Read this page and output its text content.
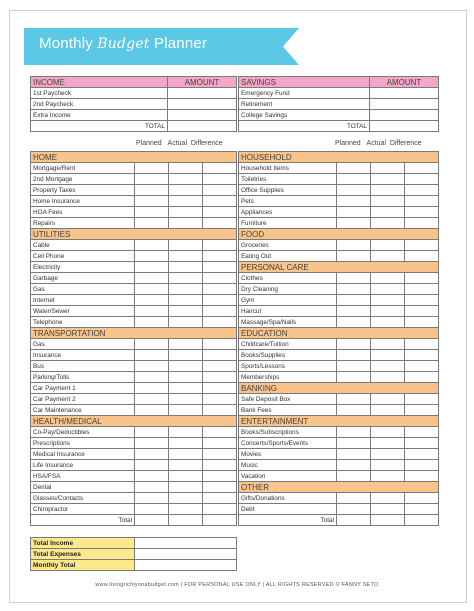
Monthly Budget Planner
INCOME	AMOUNT
1st Paycheck	
2nd Paycheck	
Extra Income	
TOTAL	
SAVINGS	AMOUNT
Emergency Fund	
Retirement	
College Savings	
TOTAL	
Planned Actual Difference	Planned Actual Difference
HOME			
Mortgage/Rent			
2nd Mortgage			
Property Taxes			
Home Insurance			
HOA Fees			
Repairs			
UTILITIES			
Cable			
Cell Phone			
Electricity			
Garbage			
Gas			
Internet			
Water/Sewer			
Telephone			
TRANSPORTATION			
Gas			
Insurance			
Bus			
Parking/Tolls			
Car Payment 1			
Car Payment 2			
Car Maintenance			
HEALTH/MEDICAL			
Co-Pay/Deductibles			
Prescriptions			
Medical Insurance			
Life Insurance			
HSA/FSA			
Dental			
Glasses/Contacts			
Chiropractor			
Total			
HOUSEHOLD			
Household Items			
Toiletries			
Office Supplies			
Pets			
Appliances			
Furniture			
FOOD			
Groceries			
Eating Out			
PERSONAL CARE			
Clothes			
Dry Cleaning			
Gym			
Haircut			
Massage/Spa/Nails			
EDUCATION			
Childcare/Tuition			
Books/Supplies			
Sports/Lessons			
Memberships			
BANKING			
Safe Deposit Box			
Bank Fees			
ENTERTAINMENT			
Books/Subscriptions			
Concerts/Sports/Events			
Movies			
Music			
Vacation			
OTHER			
Gifts/Donations			
Debt			
Total			
Total Income	
Total Expenses	
Monthly Total	
www.livingrichlyonabudget.com | FOR PERSONAL USE ONLY | ALL RIGHTS RESERVED © FANNY SETO
